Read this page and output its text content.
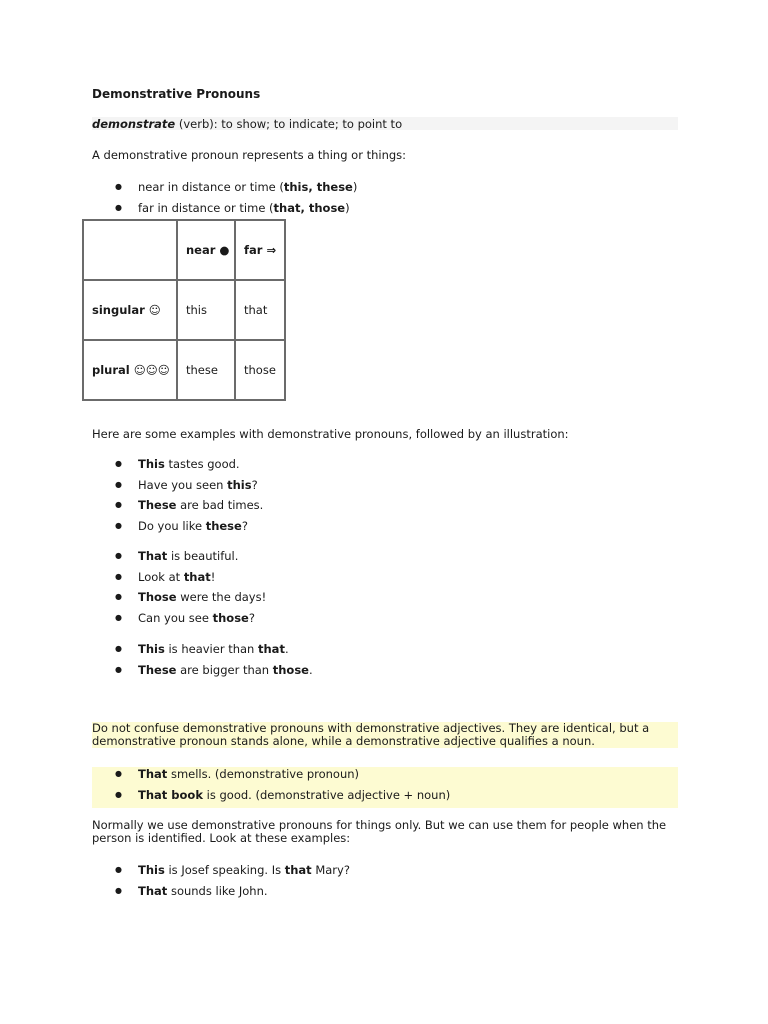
Demonstrative Pronouns
demonstrate (verb): to show; to indicate; to point to
A demonstrative pronoun represents a thing or things:
● near in distance or time (this, these)
● far in distance or time (that, those)
	near ●	far ⇒
singular ☺	this	that
plural ☺☺☺	these	those
Here are some examples with demonstrative pronouns, followed by an illustration:
● This tastes good.
● Have you seen this?
● These are bad times.
● Do you like these?
● That is beautiful.
● Look at that!
● Those were the days!
● Can you see those?
● This is heavier than that.
● These are bigger than those.
Do not confuse demonstrative pronouns with demonstrative adjectives. They are identical, but a demonstrative pronoun stands alone, while a demonstrative adjective qualifies a noun.
● That smells. (demonstrative pronoun)
● That book is good. (demonstrative adjective + noun)
Normally we use demonstrative pronouns for things only. But we can use them for people when the person is identified. Look at these examples:
● This is Josef speaking. Is that Mary?
● That sounds like John.
